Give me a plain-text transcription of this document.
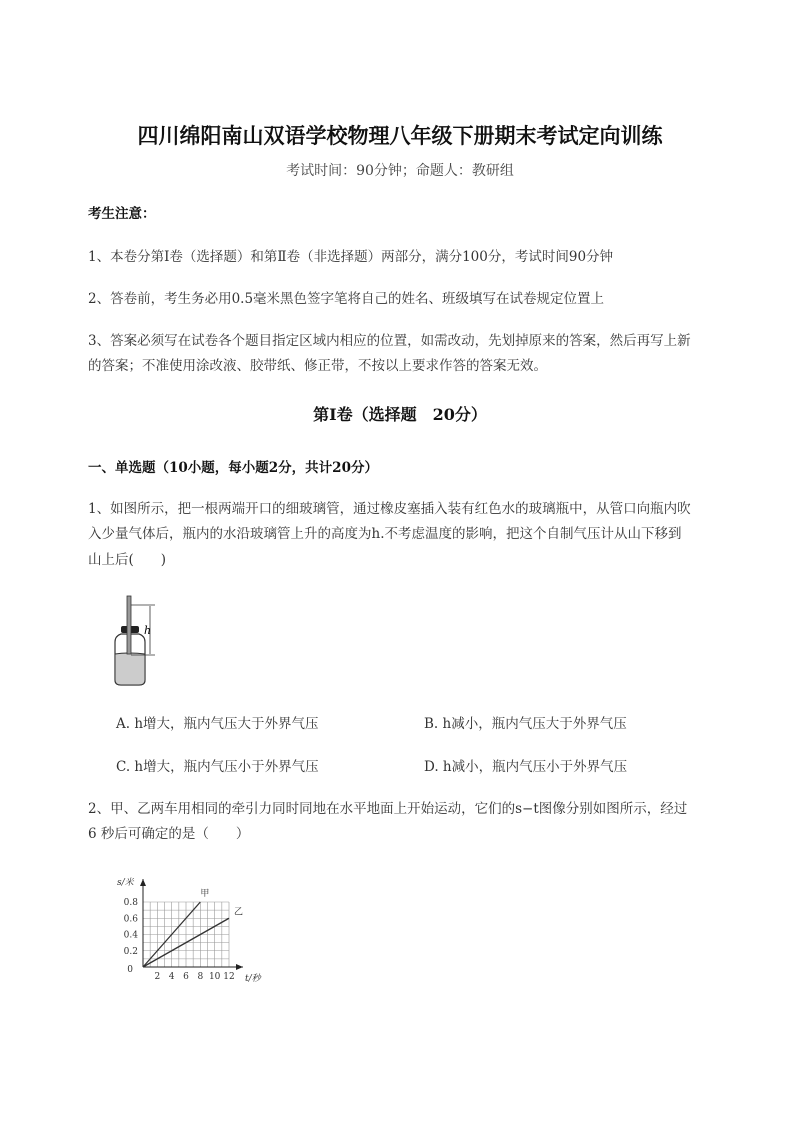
四川绵阳南山双语学校物理八年级下册期末考试定向训练
考试时间：90分钟；命题人：教研组
考生注意：
1、本卷分第Ⅰ卷（选择题）和第Ⅱ卷（非选择题）两部分，满分100分，考试时间90分钟
2、答卷前，考生务必用0.5毫米黑色签字笔将自己的姓名、班级填写在试卷规定位置上
3、答案必须写在试卷各个题目指定区域内相应的位置，如需改动，先划掉原来的答案，然后再写上新
的答案；不准使用涂改液、胶带纸、修正带，不按以上要求作答的答案无效。
第Ⅰ卷（选择题　20分）
一、单选题（10小题，每小题2分，共计20分）
1、如图所示，把一根两端开口的细玻璃管，通过橡皮塞插入装有红色水的玻璃瓶中，从管口向瓶内吹
入少量气体后，瓶内的水沿玻璃管上升的高度为h.不考虑温度的影响，把这个自制气压计从山下移到
山上后(　　)
h
A. h增大，瓶内气压大于外界气压	B. h减小，瓶内气压大于外界气压
C. h增大，瓶内气压小于外界气压	D. h减小，瓶内气压小于外界气压
2、甲、乙两车用相同的牵引力同时同地在水平地面上开始运动，它们的s−t图像分别如图所示，经过
6 秒后可确定的是（　　）
2 4 6 8 10 12
0.2
0.4
0.6
0.8
0
t/秒
s/米
甲
乙
